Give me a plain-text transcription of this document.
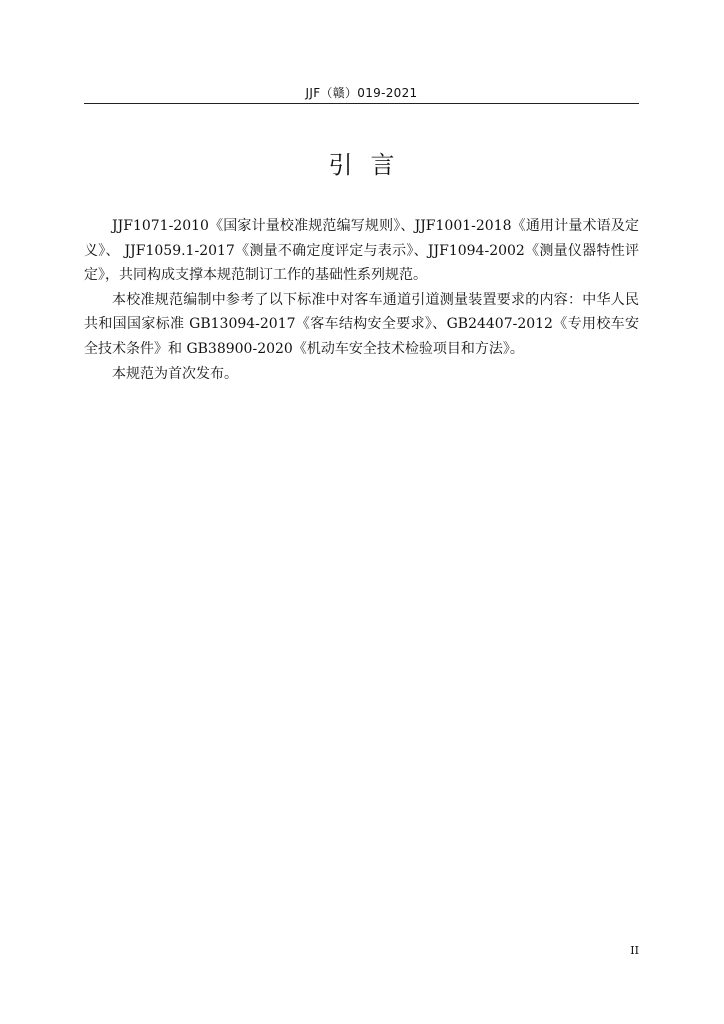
JJF（赣）019-2021
引言

JJF1071-2010《国家计量校准规范编写规则》、JJF1001-2018《通用计量术语及定义》、 JJF1059.1-2017《测量不确定度评定与表示》、JJF1094-2002《测量仪器特性评定》，共同构成支撑本规范制订工作的基础性系列规范。

本校准规范编制中参考了以下标准中对客车通道引道测量装置要求的内容：中华人民共和国国家标准 GB13094-2017《客车结构安全要求》、GB24407-2012《专用校车安全技术条件》和 GB38900-2020《机动车安全技术检验项目和方法》。

本规范为首次发布。

II
